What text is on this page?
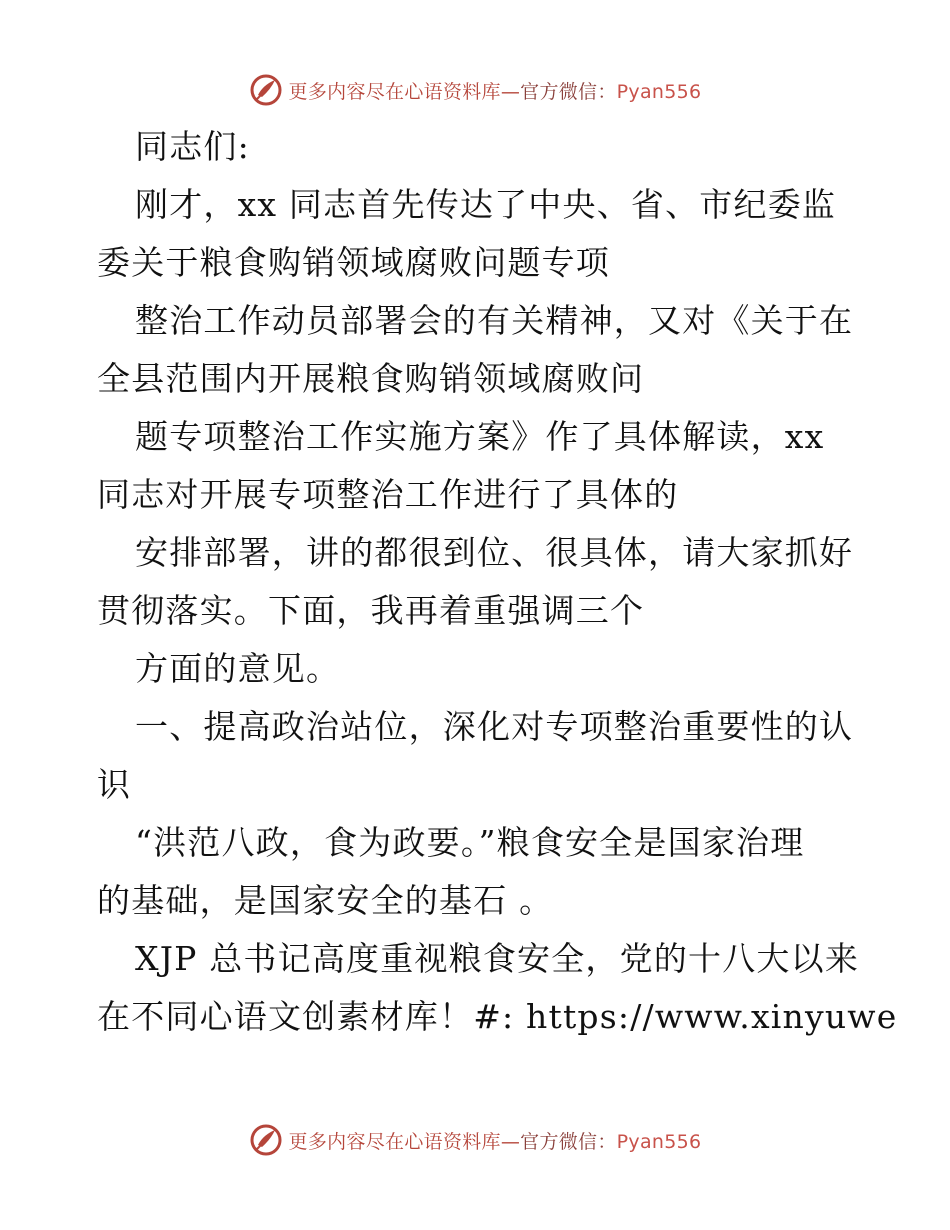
更多内容尽在心语资料库—官方微信：Pyan556
同志们:
刚才，xx 同志首先传达了中央、省、市纪委监
委关于粮食购销领域腐败问题专项
整治工作动员部署会的有关精神，又对《关于在
全县范围内开展粮食购销领域腐败问
题专项整治工作实施方案》作了具体解读，xx
同志对开展专项整治工作进行了具体的
安排部署，讲的都很到位、很具体，请大家抓好
贯彻落实。下面，我再着重强调三个
方面的意见。
一、提高政治站位，深化对专项整治重要性的认
识
“洪范八政，食为政要。”粮食安全是国家治理
的基础，是国家安全的基石 。
XJP 总书记高度重视粮食安全，党的十八大以来
在不同心语文创素材库！#: https://www.xinyuwe
更多内容尽在心语资料库—官方微信：Pyan556
